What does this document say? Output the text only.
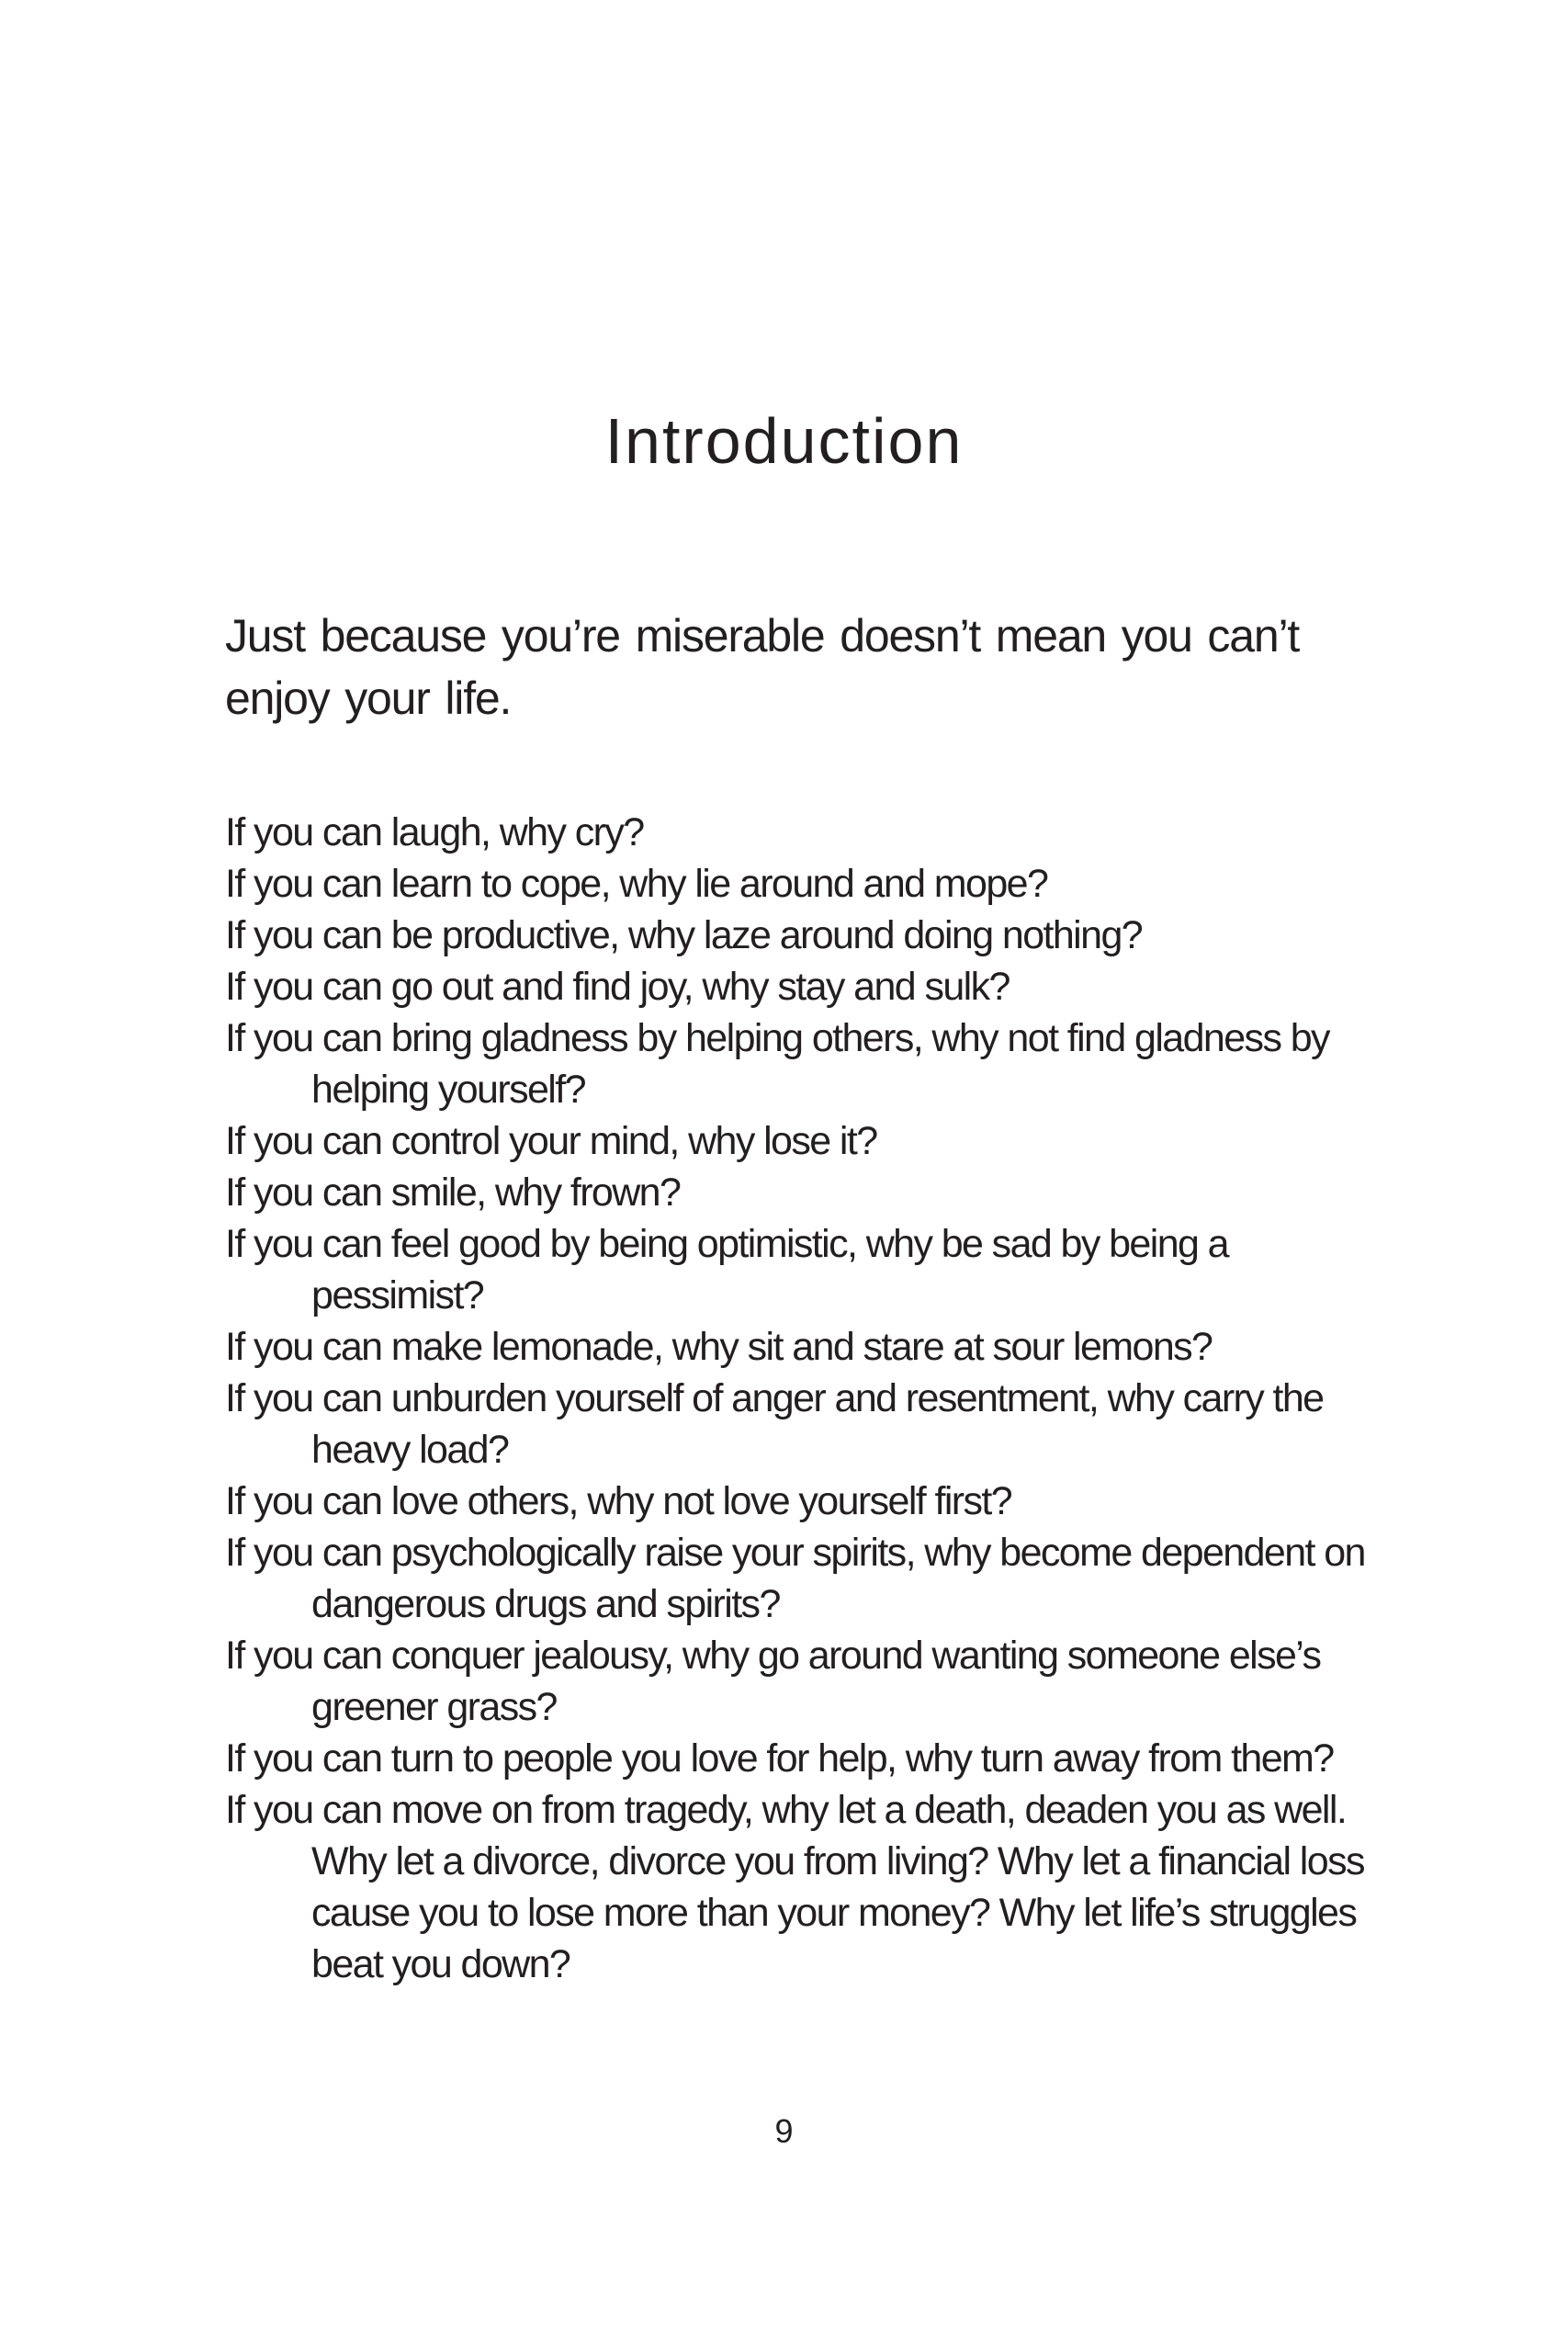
Introduction

Just because you’re miserable doesn’t mean you can’t enjoy your life.

If you can laugh, why cry?
If you can learn to cope, why lie around and mope?
If you can be productive, why laze around doing nothing?
If you can go out and find joy, why stay and sulk?
If you can bring gladness by helping others, why not find gladness by helping yourself?
If you can control your mind, why lose it?
If you can smile, why frown?
If you can feel good by being optimistic, why be sad by being a pessimist?
If you can make lemonade, why sit and stare at sour lemons?
If you can unburden yourself of anger and resentment, why carry the heavy load?
If you can love others, why not love yourself first?
If you can psychologically raise your spirits, why become dependent on dangerous drugs and spirits?
If you can conquer jealousy, why go around wanting someone else’s greener grass?
If you can turn to people you love for help, why turn away from them?
If you can move on from tragedy, why let a death, deaden you as well. Why let a divorce, divorce you from living? Why let a financial loss cause you to lose more than your money? Why let life’s struggles beat you down?
9
